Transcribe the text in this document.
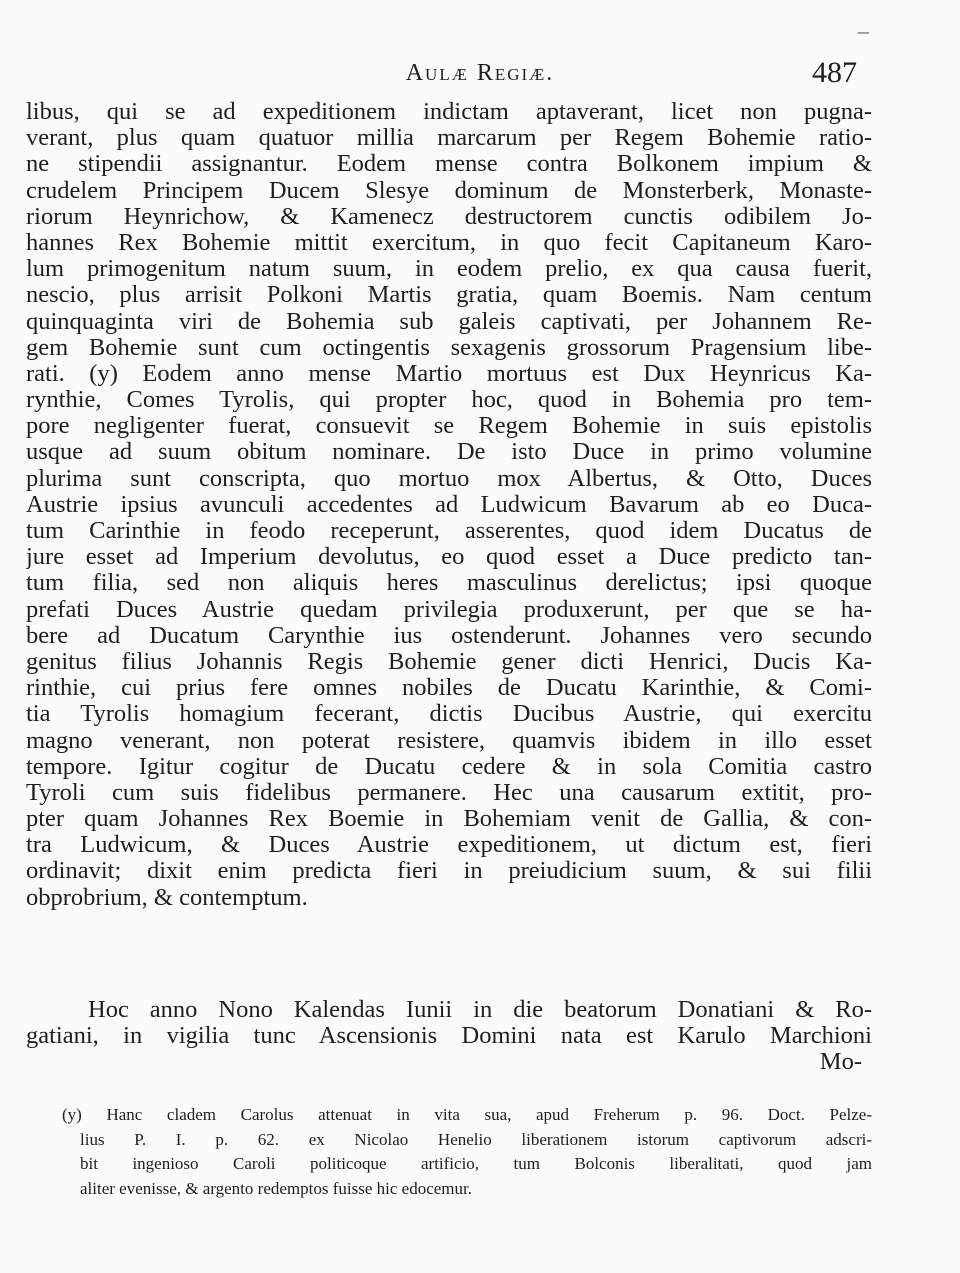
–
Aulæ Regiæ.	487
libus, qui se ad expeditionem indictam aptaverant, licet non pugna-
verant, plus quam quatuor millia marcarum per Regem Bohemie ratio-
ne stipendii assignantur. Eodem mense contra Bolkonem impium &
crudelem Principem Ducem Slesye dominum de Monsterberk, Monaste-
riorum Heynrichow, & Kamenecz destructorem cunctis odibilem Jo-
hannes Rex Bohemie mittit exercitum, in quo fecit Capitaneum Karo-
lum primogenitum natum suum, in eodem prelio, ex qua causa fuerit,
nescio, plus arrisit Polkoni Martis gratia, quam Boemis. Nam centum
quinquaginta viri de Bohemia sub galeis captivati, per Johannem Re-
gem Bohemie sunt cum octingentis sexagenis grossorum Pragensium libe-
rati. (y) Eodem anno mense Martio mortuus est Dux Heynricus Ka-
rynthie, Comes Tyrolis, qui propter hoc, quod in Bohemia pro tem-
pore negligenter fuerat, consuevit se Regem Bohemie in suis epistolis
usque ad suum obitum nominare. De isto Duce in primo volumine
plurima sunt conscripta, quo mortuo mox Albertus, & Otto, Duces
Austrie ipsius avunculi accedentes ad Ludwicum Bavarum ab eo Duca-
tum Carinthie in feodo receperunt, asserentes, quod idem Ducatus de
jure esset ad Imperium devolutus, eo quod esset a Duce predicto tan-
tum filia, sed non aliquis heres masculinus derelictus; ipsi quoque
prefati Duces Austrie quedam privilegia produxerunt, per que se ha-
bere ad Ducatum Carynthie ius ostenderunt. Johannes vero secundo
genitus filius Johannis Regis Bohemie gener dicti Henrici, Ducis Ka-
rinthie, cui prius fere omnes nobiles de Ducatu Karinthie, & Comi-
tia Tyrolis homagium fecerant, dictis Ducibus Austrie, qui exercitu
magno venerant, non poterat resistere, quamvis ibidem in illo esset
tempore. Igitur cogitur de Ducatu cedere & in sola Comitia castro
Tyroli cum suis fidelibus permanere. Hec una causarum extitit, pro-
pter quam Johannes Rex Boemie in Bohemiam venit de Gallia, & con-
tra Ludwicum, & Duces Austrie expeditionem, ut dictum est, fieri
ordinavit; dixit enim predicta fieri in preiudicium suum, & sui filii
obprobrium, & contemptum.
Hoc anno Nono Kalendas Iunii in die beatorum Donatiani & Ro-
gatiani, in vigilia tunc Ascensionis Domini nata est Karulo Marchioni
Mo-
(y) Hanc cladem Carolus attenuat in vita sua, apud Freherum p. 96. Doct. Pelze-
lius P. I. p. 62. ex Nicolao Henelio liberationem istorum captivorum adscri-
bit ingenioso Caroli politicoque artificio, tum Bolconis liberalitati, quod jam
aliter evenisse, & argento redemptos fuisse hic edocemur.
